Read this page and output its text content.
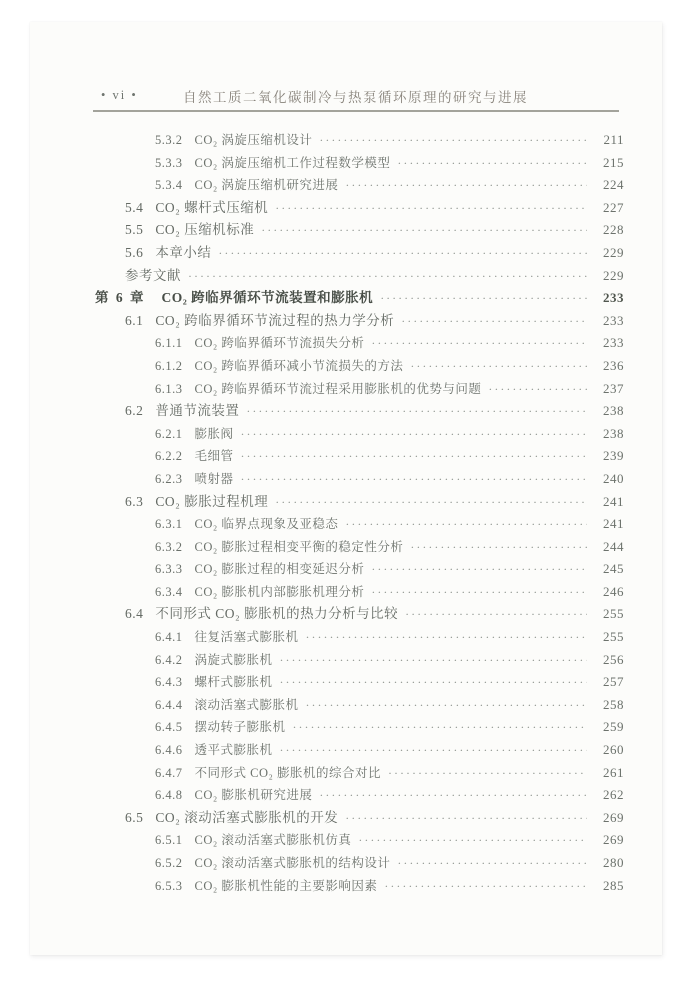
• vi •	自然工质二氧化碳制冷与热泵循环原理的研究与进展
5.3.2 CO₂ 涡旋压缩机设计 ·····	211
5.3.3 CO₂ 涡旋压缩机工作过程数学模型 ·····	215
5.3.4 CO₂ 涡旋压缩机研究进展 ·····	224
5.4 CO₂ 螺杆式压缩机 ·····	227
5.5 CO₂ 压缩机标准 ·····	228
5.6 本章小结 ·····	229
参考文献 ·····	229
第 6 章 CO₂ 跨临界循环节流装置和膨胀机 ·····	233
6.1 CO₂ 跨临界循环节流过程的热力学分析 ·····	233
6.1.1 CO₂ 跨临界循环节流损失分析 ·····	233
6.1.2 CO₂ 跨临界循环减小节流损失的方法 ·····	236
6.1.3 CO₂ 跨临界循环节流过程采用膨胀机的优势与问题 ·····	237
6.2 普通节流装置 ·····	238
6.2.1 膨胀阀 ·····	238
6.2.2 毛细管 ·····	239
6.2.3 喷射器 ·····	240
6.3 CO₂ 膨胀过程机理 ·····	241
6.3.1 CO₂ 临界点现象及亚稳态 ·····	241
6.3.2 CO₂ 膨胀过程相变平衡的稳定性分析 ·····	244
6.3.3 CO₂ 膨胀过程的相变延迟分析 ·····	245
6.3.4 CO₂ 膨胀机内部膨胀机理分析 ·····	246
6.4 不同形式 CO₂ 膨胀机的热力分析与比较 ·····	255
6.4.1 往复活塞式膨胀机 ·····	255
6.4.2 涡旋式膨胀机 ·····	256
6.4.3 螺杆式膨胀机 ·····	257
6.4.4 滚动活塞式膨胀机 ·····	258
6.4.5 摆动转子膨胀机 ·····	259
6.4.6 透平式膨胀机 ·····	260
6.4.7 不同形式 CO₂ 膨胀机的综合对比 ·····	261
6.4.8 CO₂ 膨胀机研究进展 ·····	262
6.5 CO₂ 滚动活塞式膨胀机的开发 ·····	269
6.5.1 CO₂ 滚动活塞式膨胀机仿真 ·····	269
6.5.2 CO₂ 滚动活塞式膨胀机的结构设计 ·····	280
6.5.3 CO₂ 膨胀机性能的主要影响因素 ·····	285
